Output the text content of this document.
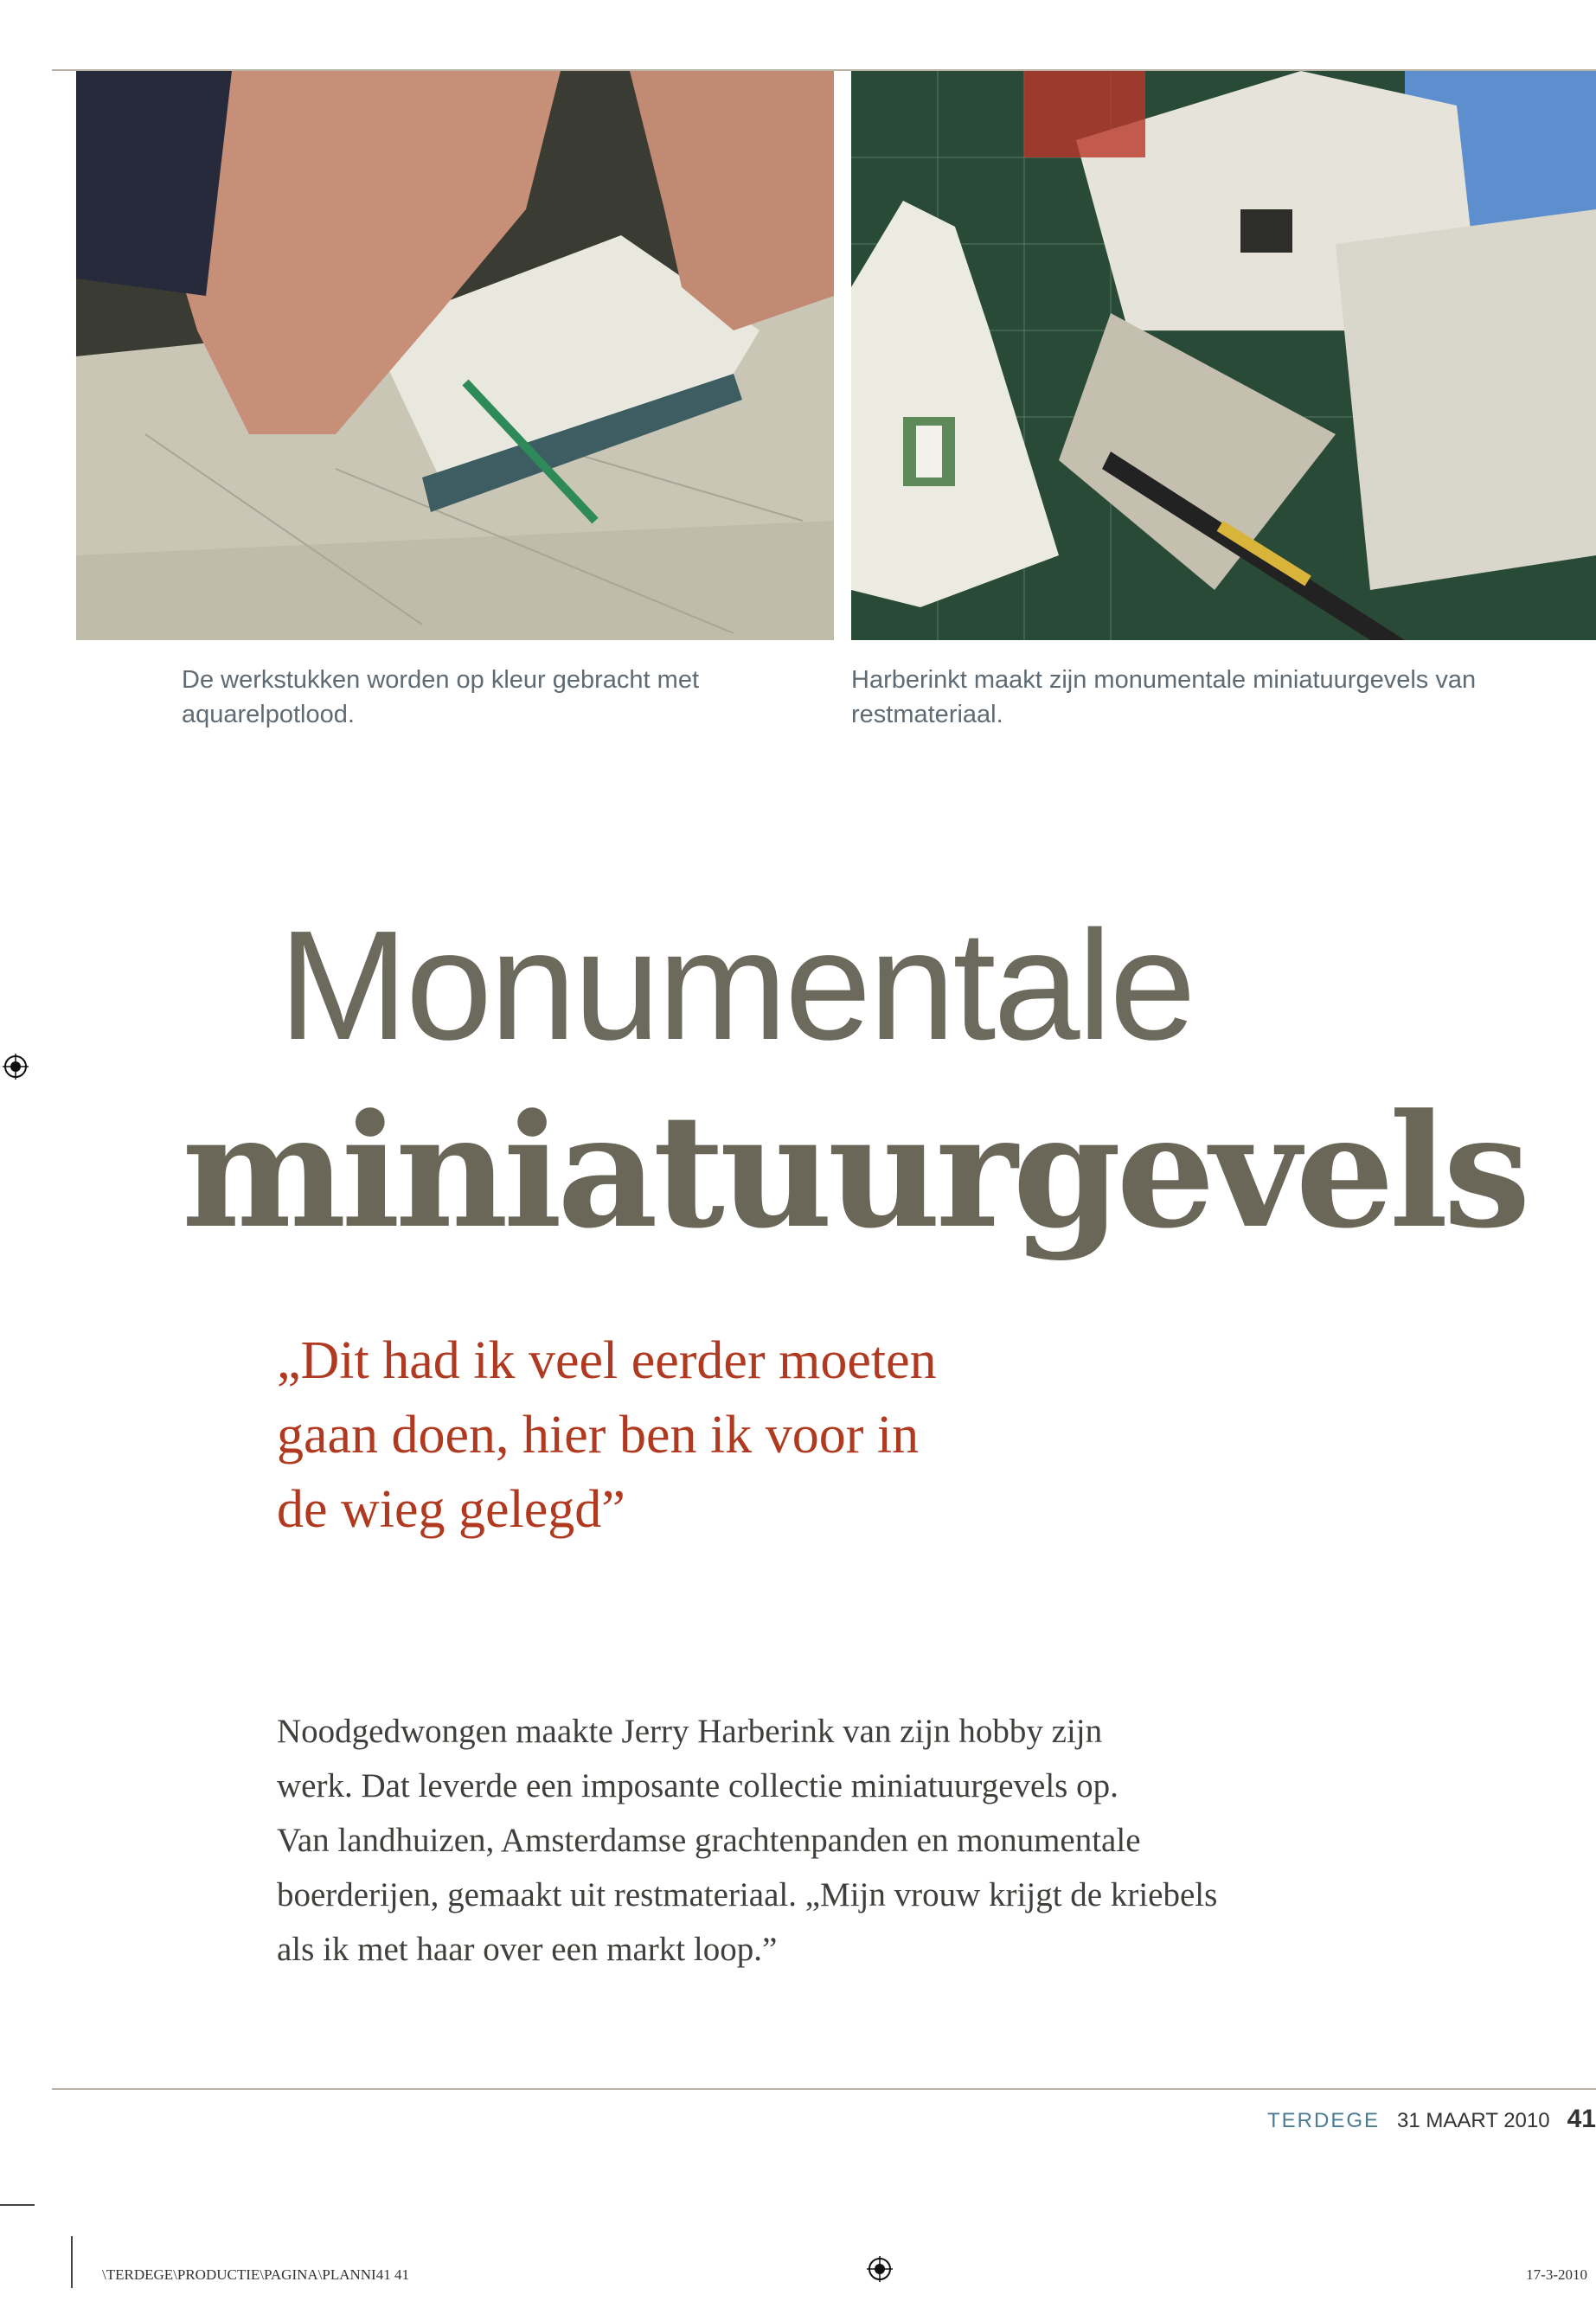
De werkstukken worden op kleur gebracht met
aquarelpotlood.
Harberinkt maakt zijn monumentale miniatuurgevels van
restmateriaal.
Monumentale
miniatuurgevels
„Dit had ik veel eerder moeten
gaan doen, hier ben ik voor in
de wieg gelegd”
Noodgedwongen maakte Jerry Harberink van zijn hobby zijn
werk. Dat leverde een imposante collectie miniatuurgevels op.
Van landhuizen, Amsterdamse grachtenpanden en monumentale
boerderijen, gemaakt uit restmateriaal. „Mijn vrouw krijgt de kriebels
als ik met haar over een markt loop.”
TERDEGE 31 MAART 2010 41
\TERDEGE\PRODUCTIE\PAGINA\PLANNI41 41	17-3-2010
